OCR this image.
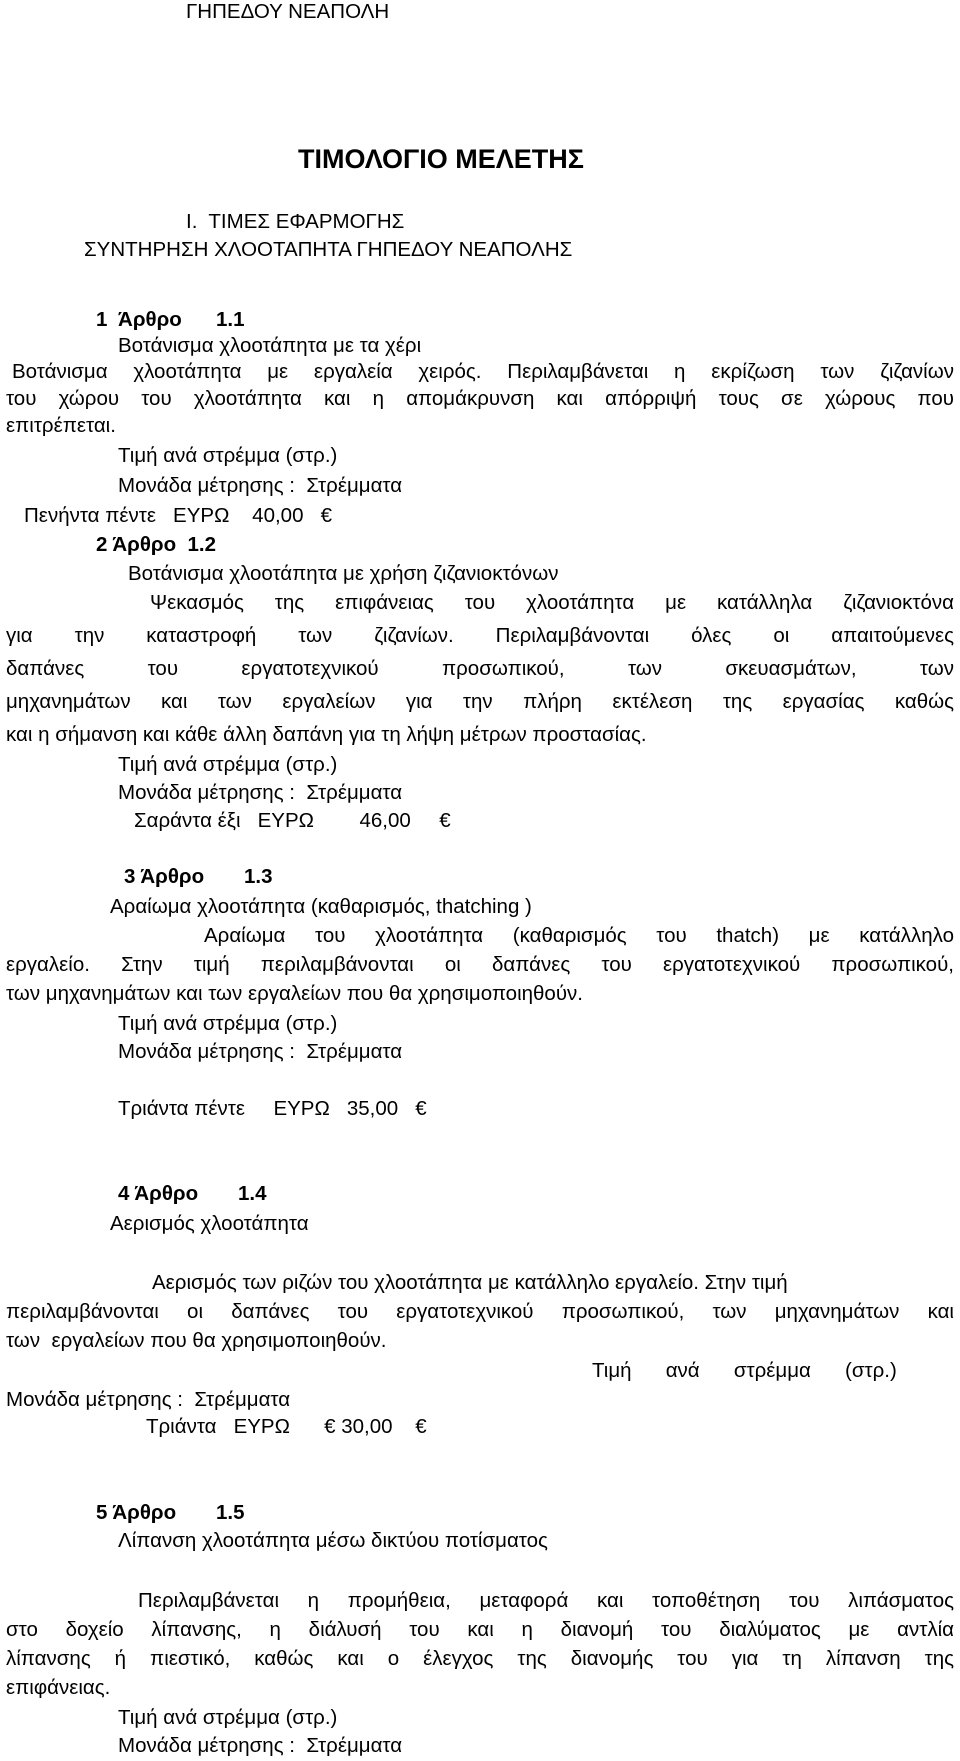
ΓΗΠΕΔΟΥ ΝΕΑΠΟΛΗ
ΤΙΜΟΛΟΓΙΟ ΜΕΛΕΤΗΣ
Ι.  ΤΙΜΕΣ ΕΦΑΡΜΟΓΗΣ
ΣΥΝΤΗΡΗΣΗ ΧΛΟΟΤΑΠΗΤΑ ΓΗΠΕΔΟΥ ΝΕΑΠΟΛΗΣ
1  Άρθρο      1.1
Βοτάνισμα χλοοτάπητα με τα χέρι
Βοτάνισμα χλοοτάπητα με εργαλεία χειρός. Περιλαμβάνεται η εκρίζωση των ζιζανίων
του χώρου του χλοοτάπητα και η απομάκρυνση και απόρριψή τους σε χώρους που
επιτρέπεται.
Τιμή ανά στρέμμα (στρ.)
Μονάδα μέτρησης :  Στρέμματα
Πενήντα πέντε   ΕΥΡΩ    40,00   €
2 Άρθρο  1.2
Βοτάνισμα χλοοτάπητα με χρήση ζιζανιοκτόνων
Ψεκασμός της επιφάνειας του χλοοτάπητα με κατάλληλα ζιζανιοκτόνα
για την καταστροφή των ζιζανίων. Περιλαμβάνονται όλες οι απαιτούμενες
δαπάνες του εργατοτεχνικού προσωπικού, των σκευασμάτων, των
μηχανημάτων και των εργαλείων για την πλήρη εκτέλεση της εργασίας καθώς
και η σήμανση και κάθε άλλη δαπάνη για τη λήψη μέτρων προστασίας.
Τιμή ανά στρέμμα (στρ.)
Μονάδα μέτρησης :  Στρέμματα
Σαράντα έξι   ΕΥΡΩ        46,00     €
3 Άρθρο       1.3
Αραίωμα χλοοτάπητα (καθαρισμός, thatching )
Αραίωμα του χλοοτάπητα (καθαρισμός του thatch) με κατάλληλο
εργαλείο. Στην τιμή περιλαμβάνονται οι δαπάνες του εργατοτεχνικού προσωπικού,
των μηχανημάτων και των εργαλείων που θα χρησιμοποιηθούν.
Τιμή ανά στρέμμα (στρ.)
Μονάδα μέτρησης :  Στρέμματα
Τριάντα πέντε     ΕΥΡΩ   35,00   €
4 Άρθρο       1.4
Αερισμός χλοοτάπητα
Αερισμός των ριζών του χλοοτάπητα με κατάλληλο εργαλείο. Στην τιμή
περιλαμβάνονται οι δαπάνες του εργατοτεχνικού προσωπικού, των μηχανημάτων και
των  εργαλείων που θα χρησιμοποιηθούν.
Τιμή      ανά      στρέμμα      (στρ.)
Μονάδα μέτρησης :  Στρέμματα
Τριάντα   ΕΥΡΩ      € 30,00    €
5 Άρθρο       1.5
Λίπανση χλοοτάπητα μέσω δικτύου ποτίσματος
Περιλαμβάνεται η προμήθεια, μεταφορά και τοποθέτηση του λιπάσματος
στο δοχείο λίπανσης, η διάλυσή του και η διανομή του διαλύματος με αντλία
λίπανσης ή πιεστικό, καθώς και ο έλεγχος της διανομής του για τη λίπανση της
επιφάνειας.
Τιμή ανά στρέμμα (στρ.)
Μονάδα μέτρησης :  Στρέμματα
